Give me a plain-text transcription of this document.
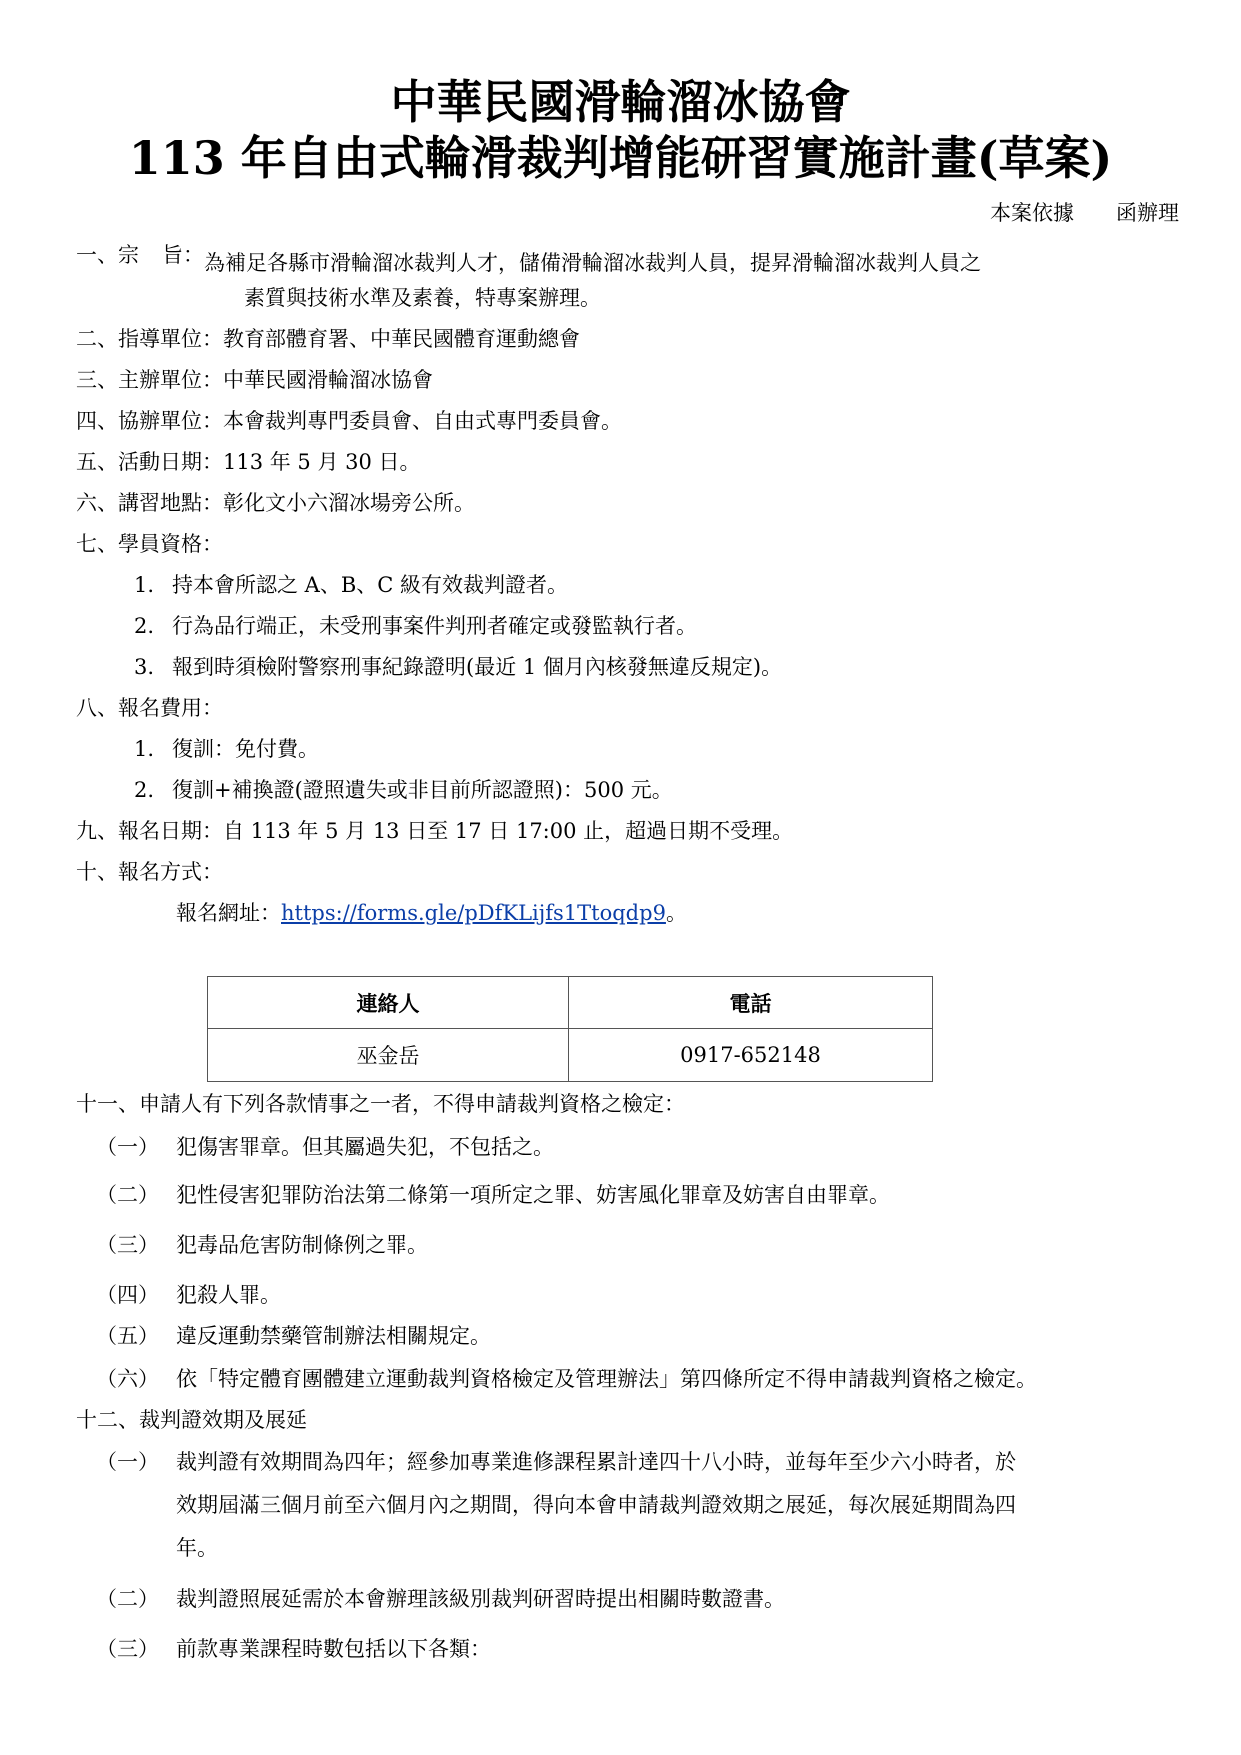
中華民國滑輪溜冰協會
113 年自由式輪滑裁判增能研習實施計畫(草案)
本案依據　　函辦理
一、宗 旨： 為補足各縣市滑輪溜冰裁判人才，儲備滑輪溜冰裁判人員，提昇滑輪溜冰裁判人員之
素質與技術水準及素養，特專案辦理。
二、指導單位：教育部體育署、中華民國體育運動總會
三、主辦單位：中華民國滑輪溜冰協會
四、協辦單位：本會裁判專門委員會、自由式專門委員會。
五、活動日期：113 年 5 月 30 日。
六、講習地點：彰化文小六溜冰場旁公所。
七、學員資格：
1. 持本會所認之 A、B、C 級有效裁判證者。
2. 行為品行端正，未受刑事案件判刑者確定或發監執行者。
3. 報到時須檢附警察刑事紀錄證明(最近 1 個月內核發無違反規定)。
八、報名費用：
1. 復訓：免付費。
2. 復訓+補換證(證照遺失或非目前所認證照)：500 元。
九、報名日期：自 113 年 5 月 13 日至 17 日 17:00 止，超過日期不受理。
十、報名方式：
報名網址：https://forms.gle/pDfKLijfs1Ttoqdp9。
連絡人	電話
巫金岳	0917-652148
十一、申請人有下列各款情事之一者，不得申請裁判資格之檢定：
（一） 犯傷害罪章。但其屬過失犯，不包括之。
（二） 犯性侵害犯罪防治法第二條第一項所定之罪、妨害風化罪章及妨害自由罪章。
（三） 犯毒品危害防制條例之罪。
（四） 犯殺人罪。
（五） 違反運動禁藥管制辦法相關規定。
（六） 依「特定體育團體建立運動裁判資格檢定及管理辦法」第四條所定不得申請裁判資格之檢定。
十二、裁判證效期及展延
（一） 裁判證有效期間為四年；經參加專業進修課程累計達四十八小時，並每年至少六小時者，於
效期屆滿三個月前至六個月內之期間，得向本會申請裁判證效期之展延，每次展延期間為四
年。
（二） 裁判證照展延需於本會辦理該級別裁判研習時提出相關時數證書。
（三） 前款專業課程時數包括以下各類：
